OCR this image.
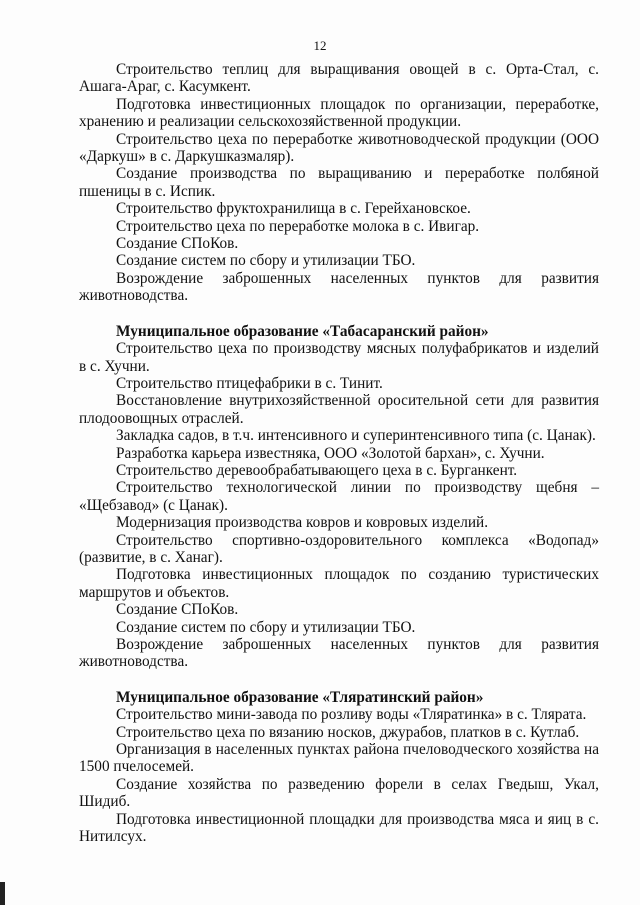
12

Строительство теплиц для выращивания овощей в с. Орта-Стал, с. Ашага-Араг, с. Касумкент.

Подготовка инвестиционных площадок по организации, переработке, хранению и реализации сельскохозяйственной продукции.

Строительство цеха по переработке животноводческой продукции (ООО «Даркуш» в с. Даркушказмаляр).

Создание производства по выращиванию и переработке полбяной пшеницы в с. Испик.

Строительство фруктохранилища в с. Герейхановское.

Строительство цеха по переработке молока в с. Ивигар.

Создание СПоКов.

Создание систем по сбору и утилизации ТБО.

Возрождение заброшенных населенных пунктов для развития животноводства.

Муниципальное образование «Табасаранский район»

Строительство цеха по производству мясных полуфабрикатов и изделий в с. Хучни.

Строительство птицефабрики в с. Тинит.

Восстановление внутрихозяйственной оросительной сети для развития плодоовощных отраслей.

Закладка садов, в т.ч. интенсивного и суперинтенсивного типа (с. Цанак).

Разработка карьера известняка, ООО «Золотой бархан», с. Хучни.

Строительство деревообрабатывающего цеха в с. Бурганкент.

Строительство технологической линии по производству щебня – «Щебзавод» (с Цанак).

Модернизация производства ковров и ковровых изделий.

Строительство спортивно-оздоровительного комплекса «Водопад» (развитие, в с. Ханаг).

Подготовка инвестиционных площадок по созданию туристических маршрутов и объектов.

Создание СПоКов.

Создание систем по сбору и утилизации ТБО.

Возрождение заброшенных населенных пунктов для развития животноводства.

Муниципальное образование «Тляратинский район»

Строительство мини-завода по розливу воды «Тляратинка» в с. Тлярата.

Строительство цеха по вязанию носков, джурабов, платков в с. Кутлаб.

Организация в населенных пунктах района пчеловодческого хозяйства на 1500 пчелосемей.

Создание хозяйства по разведению форели в селах Гведыш, Укал, Шидиб.

Подготовка инвестиционной площадки для производства мяса и яиц в с. Нитилсух.
